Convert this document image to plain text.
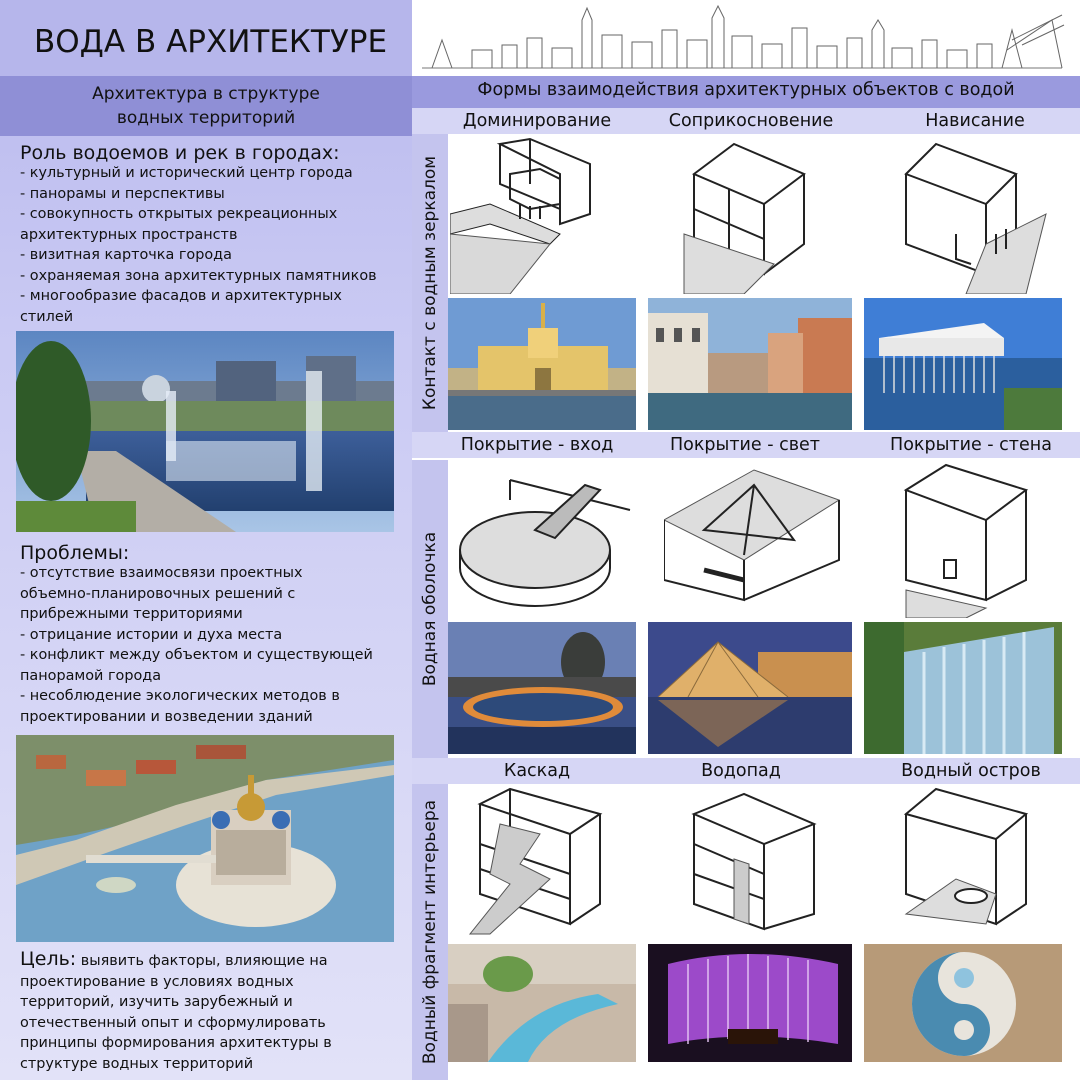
ВОДА В АРХИТЕКТУРЕ
Архитектура в структуре
водных территорий
Роль водоемов и рек в городах:
- культурный и исторический центр города
- панорамы и перспективы
- совокупность открытых рекреационных
архитектурных пространств
- визитная карточка города
- охраняемая зона архитектурных памятников
- многообразие фасадов и архитектурных
стилей
Проблемы:
- отсутствие взаимосвязи проектных
объемно-планировочных решений с
прибрежными территориями
- отрицание истории и духа места
- конфликт между объектом и существующей
панорамой города
- несоблюдение экологических методов в
проектировании и возведении зданий
Цель: выявить факторы, влияющие на
проектирование в условиях водных
территорий, изучить зарубежный и
отечественный опыт и сформулировать
принципы формирования архитектуры в
структуре водных территорий
Формы взаимодействия архитектурных объектов с водой
Доминирование	Соприкосновение	Нависание
Контакт с водным зеркалом
Покрытие - вход	Покрытие - свет	Покрытие - стена
Водная оболочка
Каскад	Водопад	Водный остров
Водный фрагмент интерьера
